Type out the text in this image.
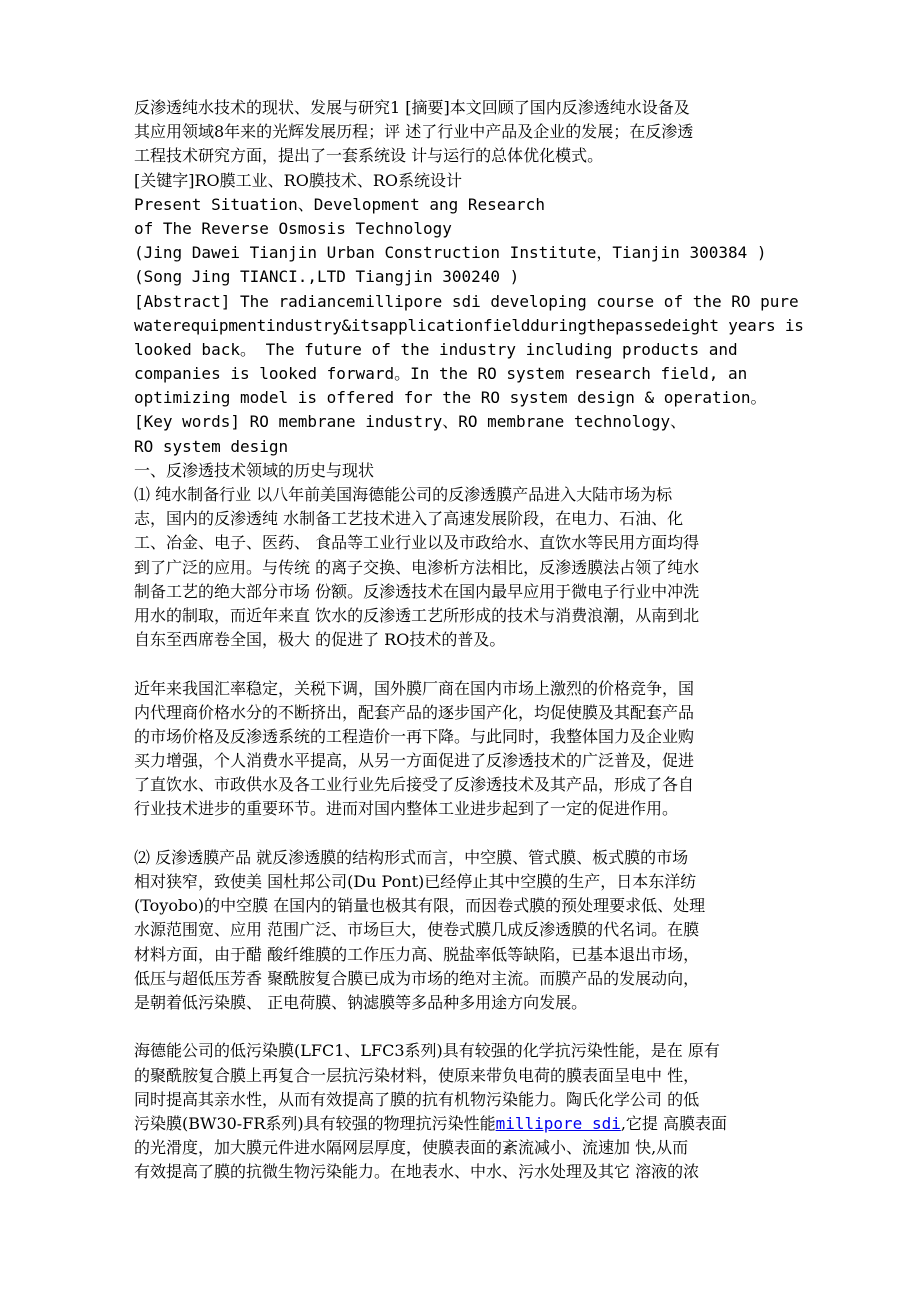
反渗透纯水技术的现状、发展与研究1 [摘要]本文回顾了国内反渗透纯水设备及
其应用领域8年来的光辉发展历程；评 述了行业中产品及企业的发展；在反渗透
工程技术研究方面，提出了一套系统设 计与运行的总体优化模式。
[关键字]RO膜工业、RO膜技术、RO系统设计
Present Situation、Development ang Research
of The Reverse Osmosis Technology
(Jing Dawei Tianjin Urban Construction Institute，Tianjin 300384 )
(Song Jing TIANCI.,LTD Tiangjin 300240 )
[Abstract] The radiancemillipore sdi developing course of the RO pure
waterequipmentindustry&itsapplicationfieldduringthepassedeight years is
looked back。 The future of the industry including products and
companies is looked forward。In the RO system research field, an
optimizing model is offered for the RO system design & operation。
[Key words] RO membrane industry、RO membrane technology、
RO system design
一、反渗透技术领域的历史与现状
⑴ 纯水制备行业 以八年前美国海德能公司的反渗透膜产品进入大陆市场为标
志，国内的反渗透纯 水制备工艺技术进入了高速发展阶段，在电力、石油、化
工、冶金、电子、医药、 食品等工业行业以及市政给水、直饮水等民用方面均得
到了广泛的应用。与传统 的离子交换、电渗析方法相比，反渗透膜法占领了纯水
制备工艺的绝大部分市场 份额。反渗透技术在国内最早应用于微电子行业中冲洗
用水的制取，而近年来直 饮水的反渗透工艺所形成的技术与消费浪潮，从南到北
自东至西席卷全国，极大 的促进了 RO技术的普及。
近年来我国汇率稳定，关税下调，国外膜厂商在国内市场上激烈的价格竞争，国
内代理商价格水分的不断挤出，配套产品的逐步国产化，均促使膜及其配套产品
的市场价格及反渗透系统的工程造价一再下降。与此同时，我整体国力及企业购
买力增强，个人消费水平提高，从另一方面促进了反渗透技术的广泛普及，促进
了直饮水、市政供水及各工业行业先后接受了反渗透技术及其产品，形成了各自
行业技术进步的重要环节。进而对国内整体工业进步起到了一定的促进作用。
⑵ 反渗透膜产品 就反渗透膜的结构形式而言，中空膜、管式膜、板式膜的市场
相对狭窄，致使美 国杜邦公司(Du Pont)已经停止其中空膜的生产，日本东洋纺
(Toyobo)的中空膜 在国内的销量也极其有限，而因卷式膜的预处理要求低、处理
水源范围宽、应用 范围广泛、市场巨大，使卷式膜几成反渗透膜的代名词。在膜
材料方面，由于醋 酸纤维膜的工作压力高、脱盐率低等缺陷，已基本退出市场，
低压与超低压芳香 聚酰胺复合膜已成为市场的绝对主流。而膜产品的发展动向，
是朝着低污染膜、 正电荷膜、钠滤膜等多品种多用途方向发展。
海德能公司的低污染膜(LFC1、LFC3系列)具有较强的化学抗污染性能，是在 原有
的聚酰胺复合膜上再复合一层抗污染材料，使原来带负电荷的膜表面呈电中 性，
同时提高其亲水性，从而有效提高了膜的抗有机物污染能力。陶氏化学公司 的低
污染膜(BW30-FR系列)具有较强的物理抗污染性能millipore sdi,它提 高膜表面
的光滑度，加大膜元件进水隔网层厚度，使膜表面的紊流减小、流速加 快,从而
有效提高了膜的抗微生物污染能力。在地表水、中水、污水处理及其它 溶液的浓
